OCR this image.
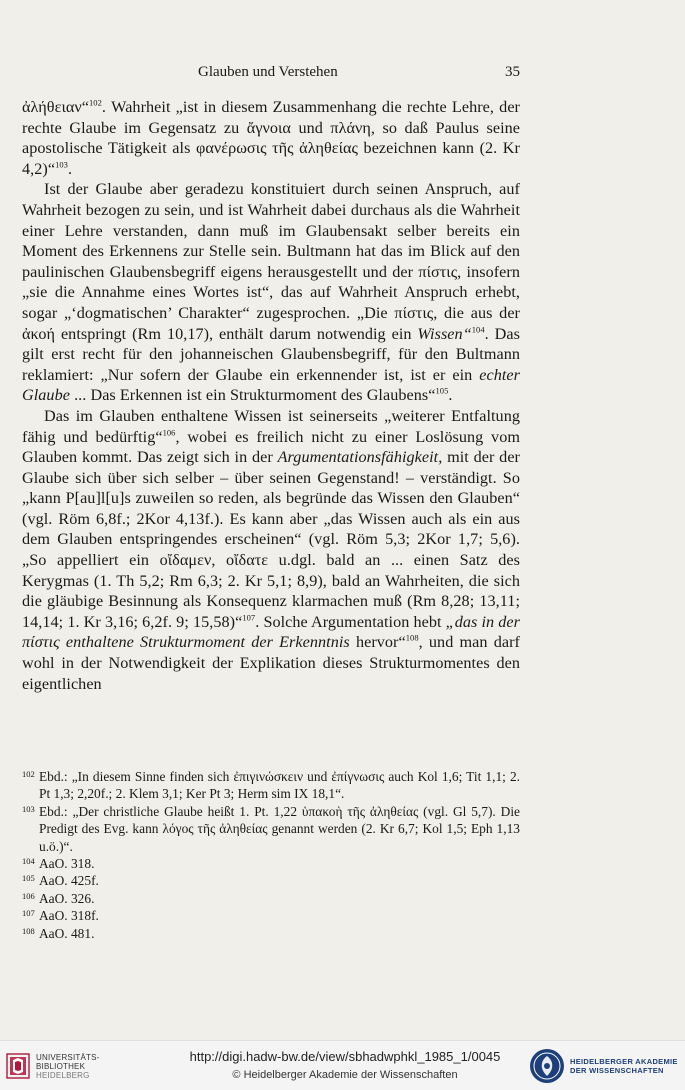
Glauben und Verstehen	35

ἀλήθειαν“$^{102}$. Wahrheit „ist in diesem Zusammenhang die rechte Lehre, der rechte Glaube im Gegensatz zu ἄγνοια und πλάνη, so daß Paulus seine apostolische Tätigkeit als φανέρωσις τῆς ἀληθείας bezeichnen kann (2. Kr 4,2)“$^{103}$.

Ist der Glaube aber geradezu konstituiert durch seinen Anspruch, auf Wahrheit bezogen zu sein, und ist Wahrheit dabei durchaus als die Wahrheit einer Lehre verstanden, dann muß im Glaubensakt selber bereits ein Moment des Erkennens zur Stelle sein. Bultmann hat das im Blick auf den paulinischen Glaubensbegriff eigens herausgestellt und der πίστις, insofern „sie die Annahme eines Wortes ist“, das auf Wahrheit Anspruch erhebt, sogar „‘dogmatischen’ Charakter“ zugesprochen. „Die πίστις, die aus der ἀκοή entspringt (Rm 10,17), enthält darum notwendig ein Wissen“$^{104}$. Das gilt erst recht für den johanneischen Glaubensbegriff, für den Bultmann reklamiert: „Nur sofern der Glaube ein erkennender ist, ist er ein echter Glaube ... Das Erkennen ist ein Strukturmoment des Glaubens“$^{105}$.

Das im Glauben enthaltene Wissen ist seinerseits „weiterer Entfaltung fähig und bedürftig“$^{106}$, wobei es freilich nicht zu einer Loslösung vom Glauben kommt. Das zeigt sich in der Argumentationsfähigkeit, mit der der Glaube sich über sich selber – über seinen Gegenstand! – verständigt. So „kann P[au]l[u]s zuweilen so reden, als begründe das Wissen den Glauben“ (vgl. Röm 6,8f.; 2Kor 4,13f.). Es kann aber „das Wissen auch als ein aus dem Glauben entspringendes erscheinen“ (vgl. Röm 5,3; 2Kor 1,7; 5,6). „So appelliert ein οἴδαμεν, οἴδατε u.dgl. bald an ... einen Satz des Kerygmas (1. Th 5,2; Rm 6,3; 2. Kr 5,1; 8,9), bald an Wahrheiten, die sich die gläubige Besinnung als Konsequenz klarmachen muß (Rm 8,28; 13,11; 14,14; 1. Kr 3,16; 6,2f. 9; 15,58)“$^{107}$. Solche Argumentation hebt „das in der πίστις enthaltene Strukturmoment der Erkenntnis hervor“$^{108}$, und man darf wohl in der Notwendigkeit der Explikation dieses Strukturmomentes den eigentlichen

102 Ebd.: „In diesem Sinne finden sich ἐπιγινώσκειν und ἐπίγνωσις auch Kol 1,6; Tit 1,1; 2. Pt 1,3; 2,20f.; 2. Klem 3,1; Ker Pt 3; Herm sim IX 18,1“.
103 Ebd.: „Der christliche Glaube heißt 1. Pt. 1,22 ὑπακοὴ τῆς ἀληθείας (vgl. Gl 5,7). Die Predigt des Evg. kann λόγος τῆς ἀληθείας genannt werden (2. Kr 6,7; Kol 1,5; Eph 1,13 u.ö.)“.
104 AaO. 318.
105 AaO. 425f.
106 AaO. 326.
107 AaO. 318f.
108 AaO. 481.
UNIVERSITÄTS-
BIBLIOTHEK
HEIDELBERG
http://digi.hadw-bw.de/view/sbhadwphkl_1985_1/0045
© Heidelberger Akademie der Wissenschaften
HEIDELBERGER AKADEMIE
DER WISSENSCHAFTEN
